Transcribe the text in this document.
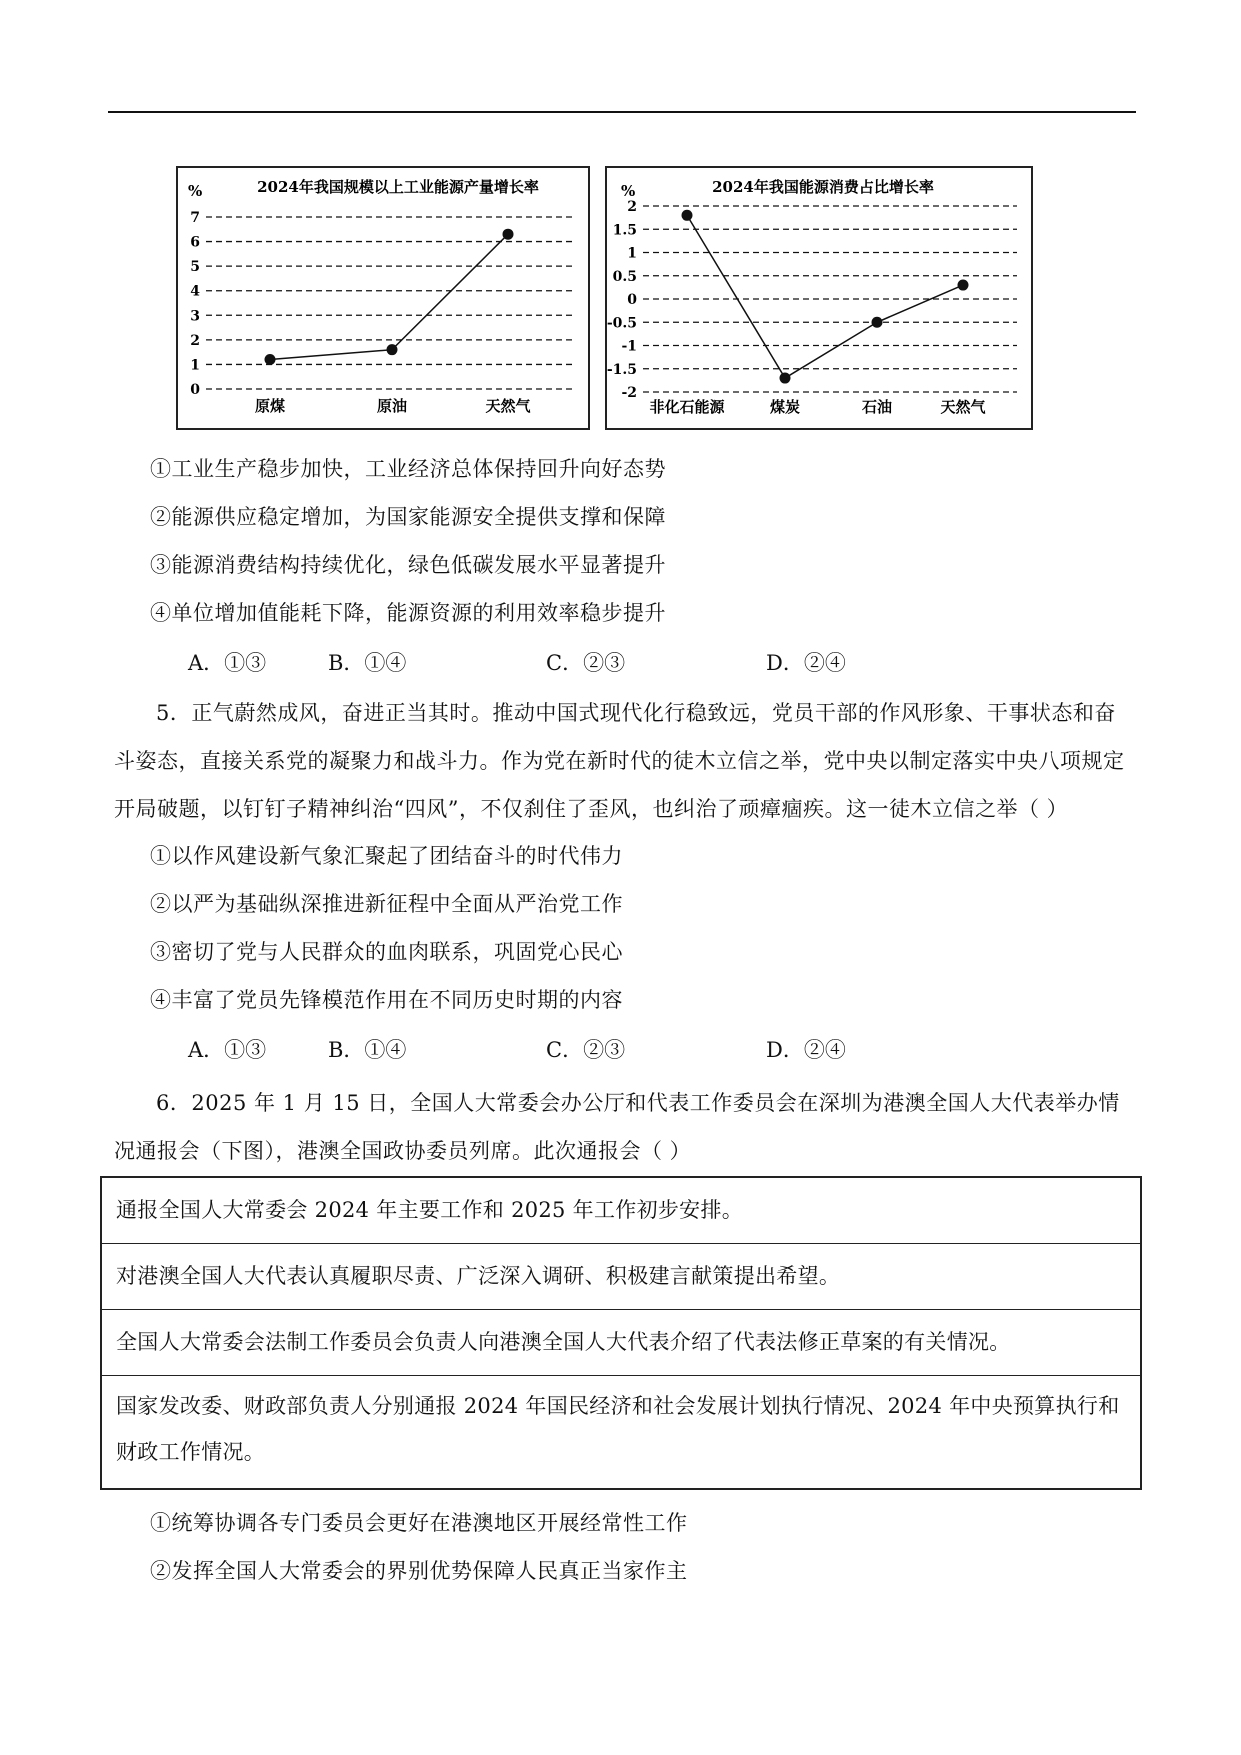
2024年我国规模以上工业能源产量增长率
%
0
1
2
3
4
5
6
7
原煤	原油	天然气
2024年我国能源消费占比增长率
%
-2
-1.5
-1
-0.5
0
0.5
1
1.5
2
非化石能源	煤炭	石油	天然气
①工业生产稳步加快，工业经济总体保持回升向好态势
②能源供应稳定增加，为国家能源安全提供支撑和保障
③能源消费结构持续优化，绿色低碳发展水平显著提升
④单位增加值能耗下降，能源资源的利用效率稳步提升
A．①③	B．①④	C．②③	D．②④
5．正气蔚然成风，奋进正当其时。推动中国式现代化行稳致远，党员干部的作风形象、干事状态和奋斗姿态，直接关系党的凝聚力和战斗力。作为党在新时代的徒木立信之举，党中央以制定落实中央八项规定开局破题，以钉钉子精神纠治“四风”，不仅刹住了歪风，也纠治了顽瘴痼疾。这一徒木立信之举（ ）
①以作风建设新气象汇聚起了团结奋斗的时代伟力
②以严为基础纵深推进新征程中全面从严治党工作
③密切了党与人民群众的血肉联系，巩固党心民心
④丰富了党员先锋模范作用在不同历史时期的内容
A．①③	B．①④	C．②③	D．②④
6．2025 年 1 月 15 日，全国人大常委会办公厅和代表工作委员会在深圳为港澳全国人大代表举办情况通报会（下图），港澳全国政协委员列席。此次通报会（ ）
通报全国人大常委会 2024 年主要工作和 2025 年工作初步安排。
对港澳全国人大代表认真履职尽责、广泛深入调研、积极建言献策提出希望。
全国人大常委会法制工作委员会负责人向港澳全国人大代表介绍了代表法修正草案的有关情况。
国家发改委、财政部负责人分别通报 2024 年国民经济和社会发展计划执行情况、2024 年中央预算执行和财政工作情况。
①统筹协调各专门委员会更好在港澳地区开展经常性工作
②发挥全国人大常委会的界别优势保障人民真正当家作主
